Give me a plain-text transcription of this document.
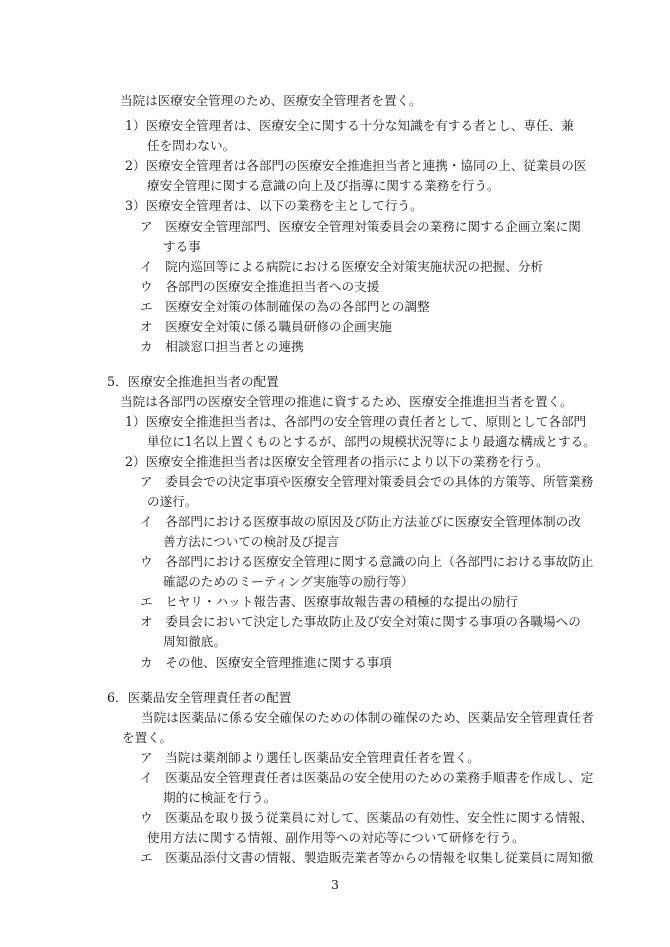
当院は医療安全管理のため、医療安全管理者を置く。
1）医療安全管理者は、医療安全に関する十分な知識を有する者とし、専任、兼
任を問わない。
2）医療安全管理者は各部門の医療安全推進担当者と連携・協同の上、従業員の医
療安全管理に関する意識の向上及び指導に関する業務を行う。
3）医療安全管理者は、以下の業務を主として行う。
ア　医療安全管理部門、医療安全管理対策委員会の業務に関する企画立案に関
する事
イ　院内巡回等による病院における医療安全対策実施状況の把握、分析
ウ　各部門の医療安全推進担当者への支援
エ　医療安全対策の体制確保の為の各部門との調整
オ　医療安全対策に係る職員研修の企画実施
カ　相談窓口担当者との連携
5．医療安全推進担当者の配置
当院は各部門の医療安全管理の推進に資するため、医療安全推進担当者を置く。
1）医療安全推進担当者は、各部門の安全管理の責任者として、原則として各部門
単位に1名以上置くものとするが、部門の規模状況等により最適な構成とする。
2）医療安全推進担当者は医療安全管理者の指示により以下の業務を行う。
ア　委員会での決定事項や医療安全管理対策委員会での具体的方策等、所管業務
の遂行。
イ　各部門における医療事故の原因及び防止方法並びに医療安全管理体制の改
善方法についての検討及び提言
ウ　各部門における医療安全管理に関する意識の向上（各部門における事故防止
確認のためのミーティング実施等の励行等）
エ　ヒヤリ・ハット報告書、医療事故報告書の積極的な提出の励行
オ　委員会において決定した事故防止及び安全対策に関する事項の各職場への
周知徹底。
カ　その他、医療安全管理推進に関する事項
6．医薬品安全管理責任者の配置
当院は医薬品に係る安全確保のための体制の確保のため、医薬品安全管理責任者
を置く。
ア　当院は薬剤師より選任し医薬品安全管理責任者を置く。
イ　医薬品安全管理責任者は医薬品の安全使用のための業務手順書を作成し、定
期的に検証を行う。
ウ　医薬品を取り扱う従業員に対して、医薬品の有効性、安全性に関する情報、
使用方法に関する情報、副作用等への対応等について研修を行う。
エ　医薬品添付文書の情報、製造販売業者等からの情報を収集し従業員に周知徹
3
